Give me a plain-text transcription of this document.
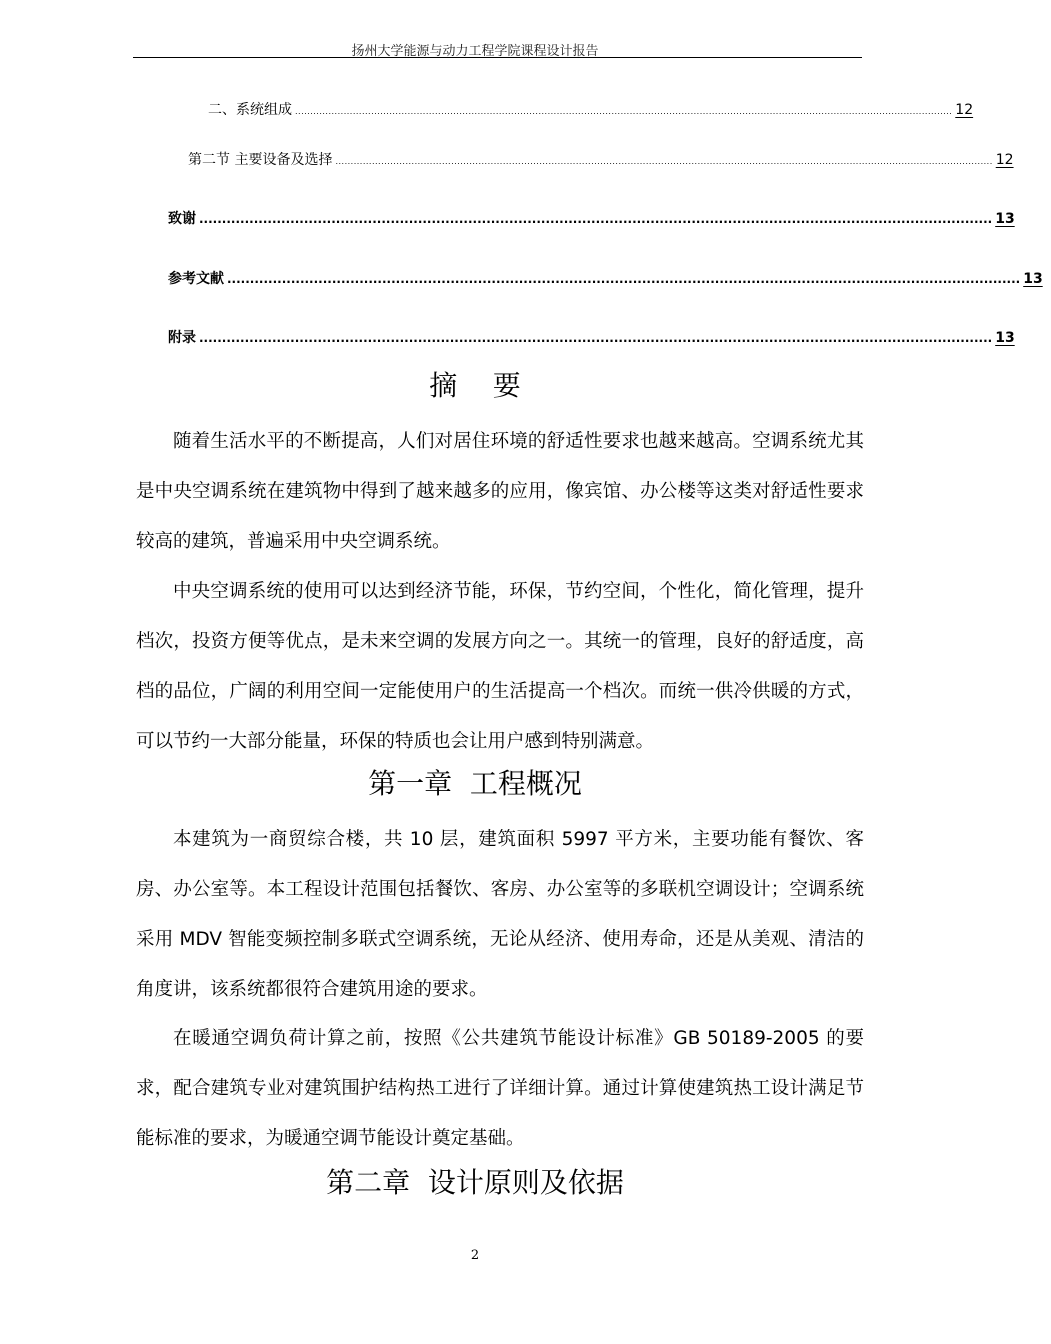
扬州大学能源与动力工程学院课程设计报告
二、系统组成 ........................................................................................................................................................................................................................ 12
第二节 主要设备及选择 ........................................................................................................................................................................................................................ 12
致谢 .............................................................................................................................................................................. 13
参考文献 .............................................................................................................................................................................. 13
附录 .............................................................................................................................................................................. 13
摘    要

随着生活水平的不断提高，人们对居住环境的舒适性要求也越来越高。空调系统尤其是中央空调系统在建筑物中得到了越来越多的应用，像宾馆、办公楼等这类对舒适性要求较高的建筑，普遍采用中央空调系统。

中央空调系统的使用可以达到经济节能，环保，节约空间，个性化，简化管理，提升档次，投资方便等优点，是未来空调的发展方向之一。其统一的管理，良好的舒适度，高档的品位，广阔的利用空间一定能使用户的生活提高一个档次。而统一供冷供暖的方式，可以节约一大部分能量，环保的特质也会让用户感到特别满意。

第一章  工程概况

本建筑为一商贸综合楼，共 10 层，建筑面积 5997 平方米，主要功能有餐饮、客房、办公室等。本工程设计范围包括餐饮、客房、办公室等的多联机空调设计；空调系统采用 MDV 智能变频控制多联式空调系统，无论从经济、使用寿命，还是从美观、清洁的角度讲，该系统都很符合建筑用途的要求。

在暖通空调负荷计算之前，按照《公共建筑节能设计标准》GB 50189-2005 的要求，配合建筑专业对建筑围护结构热工进行了详细计算。通过计算使建筑热工设计满足节能标准的要求，为暖通空调节能设计奠定基础。

第二章  设计原则及依据
2
